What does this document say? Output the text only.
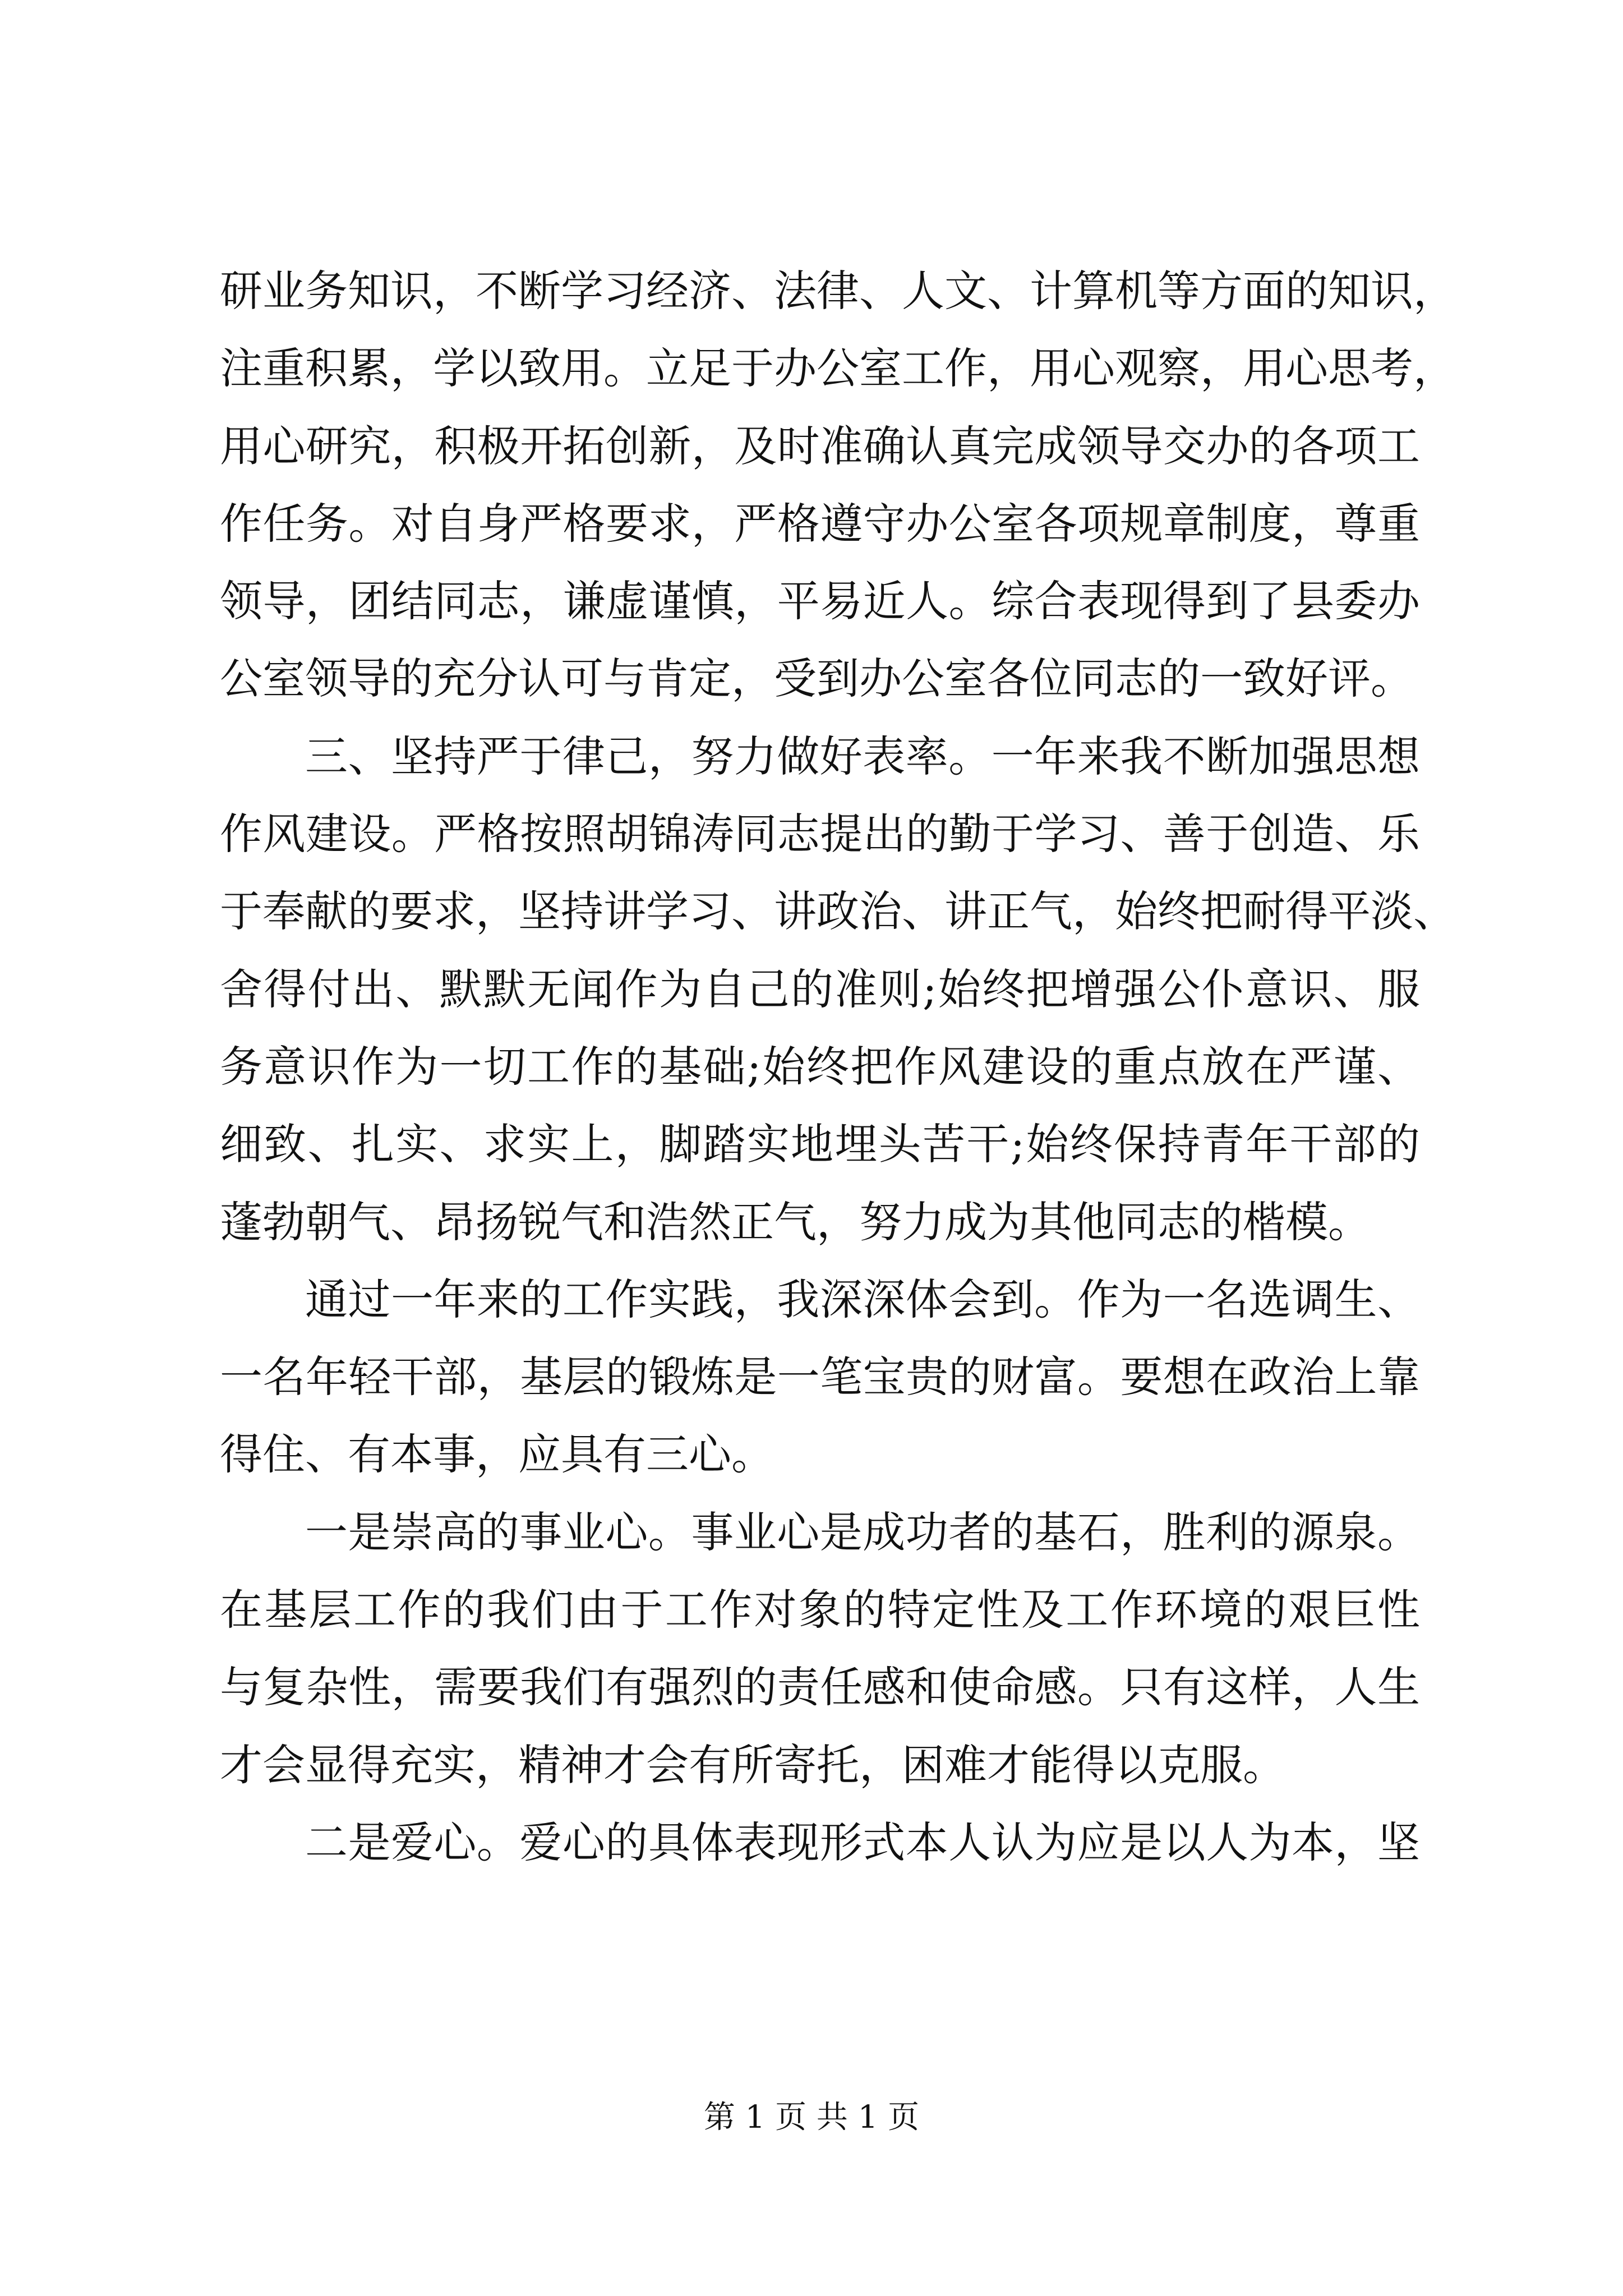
研业务知识，不断学习经济、法律、人文、计算机等方面的知识，
注重积累，学以致用。立足于办公室工作，用心观察，用心思考，
用心研究，积极开拓创新，及时准确认真完成领导交办的各项工
作任务。对自身严格要求，严格遵守办公室各项规章制度，尊重
领导，团结同志，谦虚谨慎，平易近人。综合表现得到了县委办
公室领导的充分认可与肯定，受到办公室各位同志的一致好评。
三、坚持严于律己，努力做好表率。一年来我不断加强思想
作风建设。严格按照胡锦涛同志提出的勤于学习、善于创造、乐
于奉献的要求，坚持讲学习、讲政治、讲正气，始终把耐得平淡、
舍得付出、默默无闻作为自己的准则;始终把增强公仆意识、服
务意识作为一切工作的基础;始终把作风建设的重点放在严谨、
细致、扎实、求实上，脚踏实地埋头苦干;始终保持青年干部的
蓬勃朝气、昂扬锐气和浩然正气，努力成为其他同志的楷模。
通过一年来的工作实践，我深深体会到。作为一名选调生、
一名年轻干部，基层的锻炼是一笔宝贵的财富。要想在政治上靠
得住、有本事，应具有三心。
一是崇高的事业心。事业心是成功者的基石，胜利的源泉。
在基层工作的我们由于工作对象的特定性及工作环境的艰巨性
与复杂性，需要我们有强烈的责任感和使命感。只有这样，人生
才会显得充实，精神才会有所寄托，困难才能得以克服。
二是爱心。爱心的具体表现形式本人认为应是以人为本，坚
第 1 页 共 1 页
